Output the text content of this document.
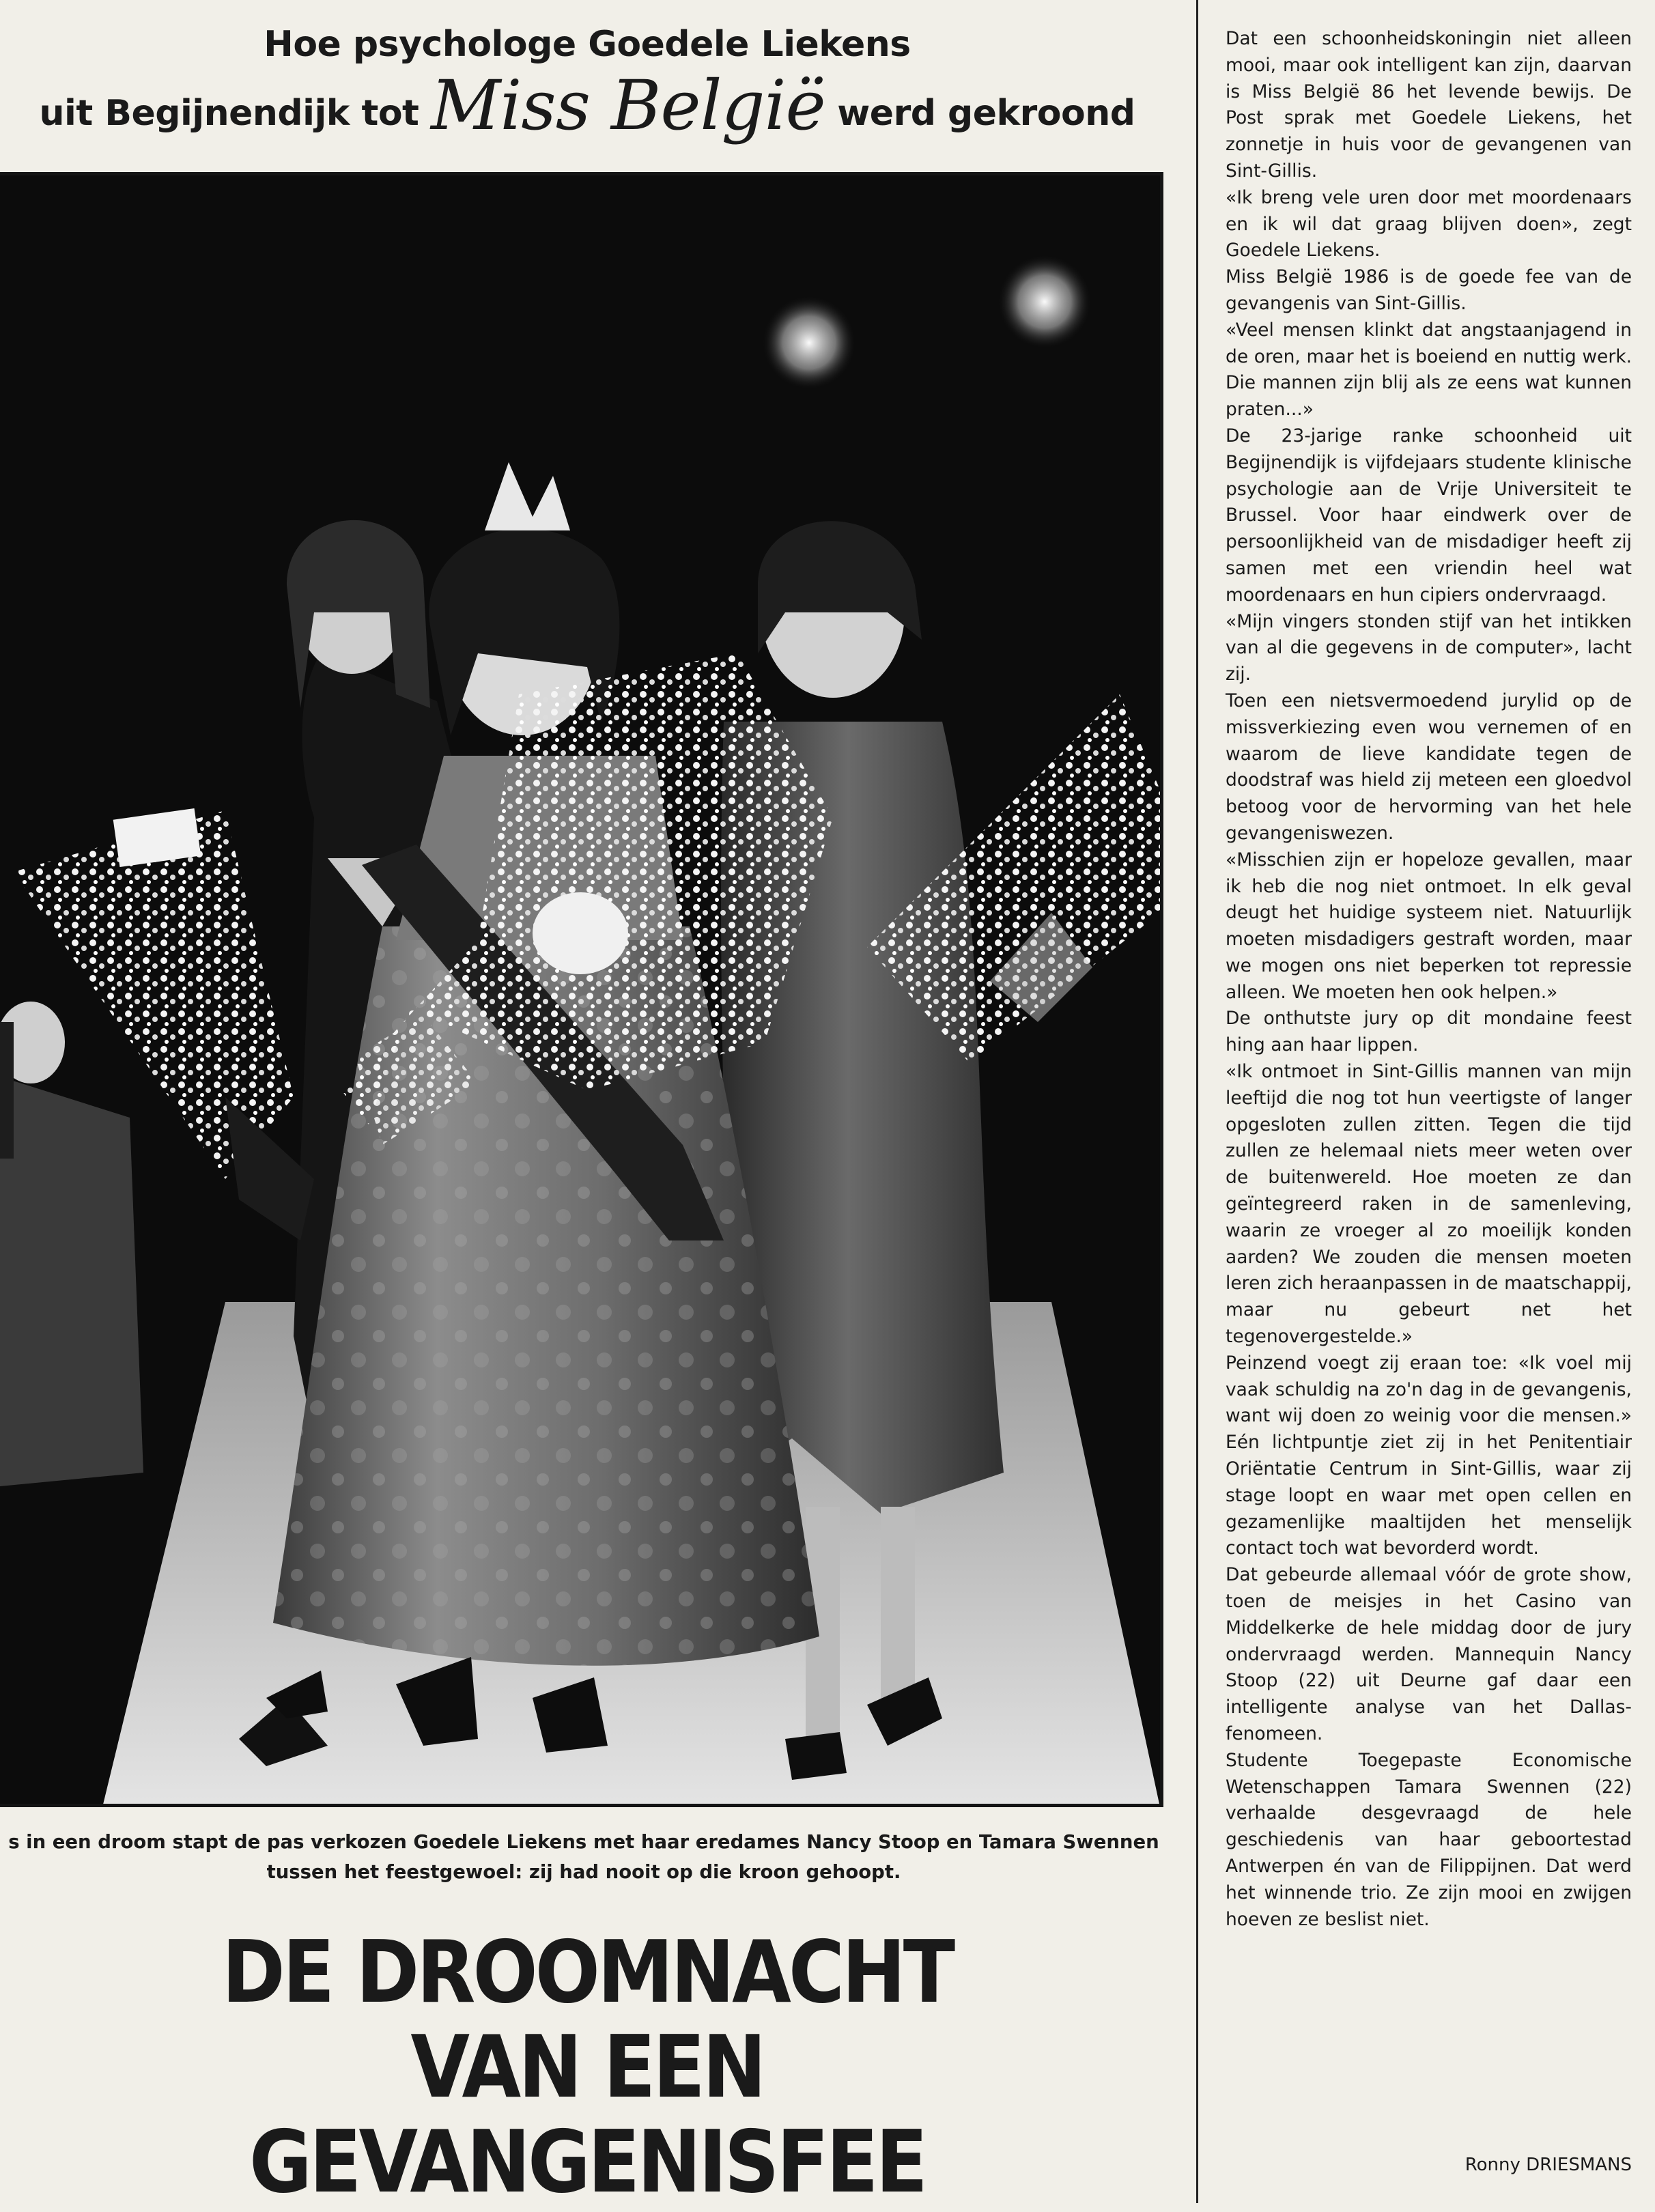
Hoe psychologe Goedele Liekens
uit Begijnendijk tot Miss België werd gekroond
s in een droom stapt de pas verkozen Goedele Liekens met haar eredames Nancy Stoop en Tamara Swennen
tussen het feestgewoel: zij had nooit op die kroon gehoopt.
DE DROOMNACHT
VAN EEN
GEVANGENISFEE

Dat een schoonheidskoningin niet alleen mooi, maar ook intelligent kan zijn, daarvan is Miss België 86 het levende bewijs. De Post sprak met Goedele Liekens, het zonnetje in huis voor de gevangenen van Sint-Gillis.

«Ik breng vele uren door met moordenaars en ik wil dat graag blijven doen», zegt Goedele Liekens.

Miss België 1986 is de goede fee van de gevangenis van Sint-Gillis.

«Veel mensen klinkt dat angstaanjagend in de oren, maar het is boeiend en nuttig werk. Die mannen zijn blij als ze eens wat kunnen praten...»

De 23-jarige ranke schoonheid uit Begijnendijk is vijfdejaars studente klinische psychologie aan de Vrije Universiteit te Brussel. Voor haar eindwerk over de persoonlijkheid van de misdadiger heeft zij samen met een vriendin heel wat moordenaars en hun cipiers ondervraagd.

«Mijn vingers stonden stijf van het intikken van al die gegevens in de computer», lacht zij.

Toen een nietsvermoedend jurylid op de missverkiezing even wou vernemen of en waarom de lieve kandidate tegen de doodstraf was hield zij meteen een gloedvol betoog voor de hervorming van het hele gevangeniswezen.

«Misschien zijn er hopeloze gevallen, maar ik heb die nog niet ontmoet. In elk geval deugt het huidige systeem niet. Natuurlijk moeten misdadigers gestraft worden, maar we mogen ons niet beperken tot repressie alleen. We moeten hen ook helpen.»

De onthutste jury op dit mondaine feest hing aan haar lippen.

«Ik ontmoet in Sint-Gillis mannen van mijn leeftijd die nog tot hun veertigste of langer opgesloten zullen zitten. Tegen die tijd zullen ze helemaal niets meer weten over de buitenwereld. Hoe moeten ze dan geïntegreerd raken in de samenleving, waarin ze vroeger al zo moeilijk konden aarden? We zouden die mensen moeten leren zich heraanpassen in de maatschappij, maar nu gebeurt net het tegenovergestelde.»

Peinzend voegt zij eraan toe: «Ik voel mij vaak schuldig na zo'n dag in de gevangenis, want wij doen zo weinig voor die mensen.» Eén lichtpuntje ziet zij in het Penitentiair Oriëntatie Centrum in Sint-Gillis, waar zij stage loopt en waar met open cellen en gezamenlijke maaltijden het menselijk contact toch wat bevorderd wordt.

Dat gebeurde allemaal vóór de grote show, toen de meisjes in het Casino van Middelkerke de hele middag door de jury ondervraagd werden. Mannequin Nancy Stoop (22) uit Deurne gaf daar een intelligente analyse van het Dallas-fenomeen.

Studente Toegepaste Economische Wetenschappen Tamara Swennen (22) verhaalde desgevraagd de hele geschiedenis van haar geboortestad Antwerpen én van de Filippijnen. Dat werd het winnende trio. Ze zijn mooi en zwijgen hoeven ze beslist niet.

Ronny DRIESMANS
